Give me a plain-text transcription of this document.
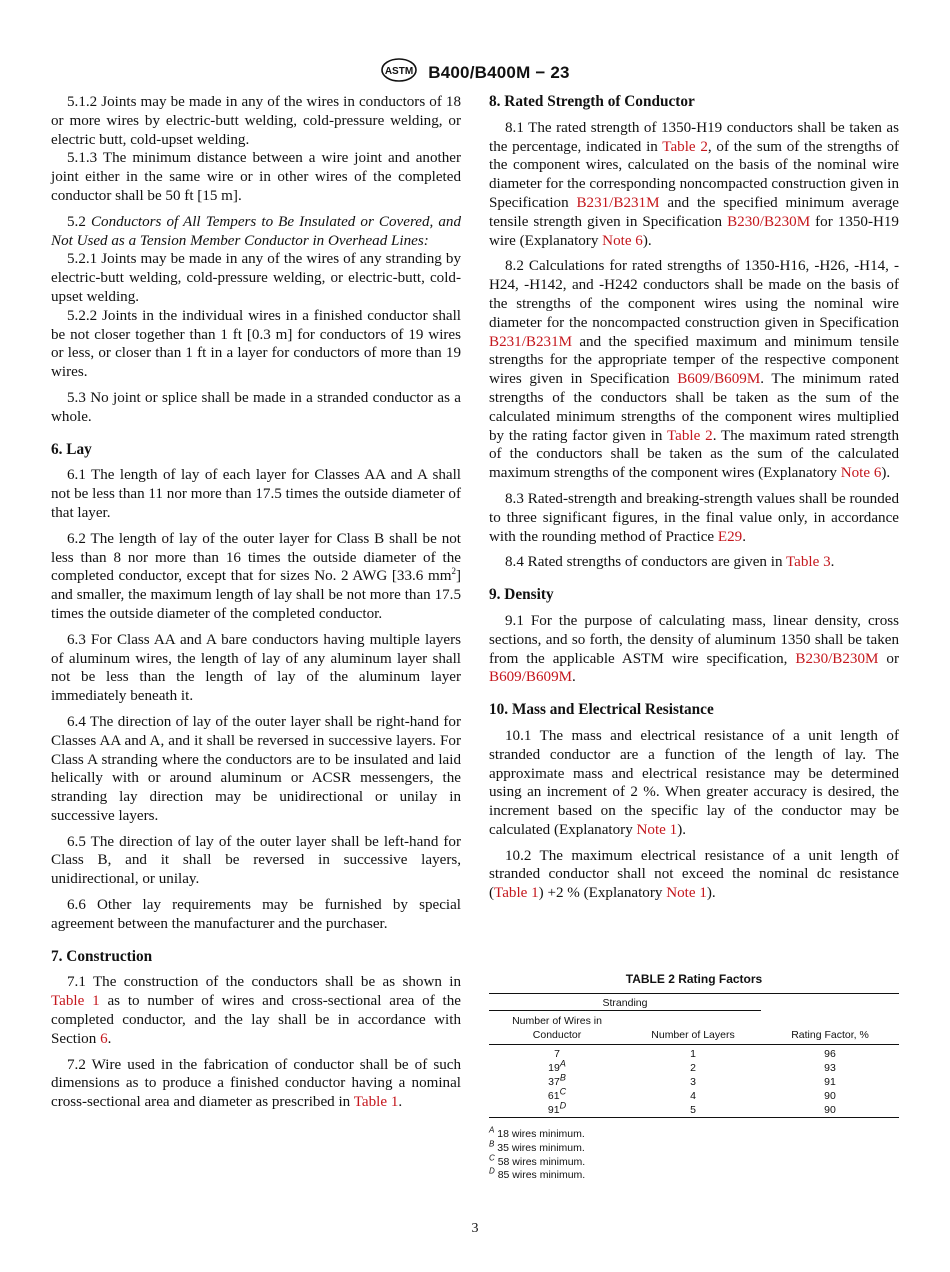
ASTM B400/B400M − 23

5.1.2 Joints may be made in any of the wires in conductors of 18 or more wires by electric-butt welding, cold-pressure welding, or electric butt, cold-upset welding.

5.1.3 The minimum distance between a wire joint and another joint either in the same wire or in other wires of the completed conductor shall be 50 ft [15 m].

5.2 Conductors of All Tempers to Be Insulated or Covered, and Not Used as a Tension Member Conductor in Overhead Lines:

5.2.1 Joints may be made in any of the wires of any stranding by electric-butt welding, cold-pressure welding, or electric-butt, cold-upset welding.

5.2.2 Joints in the individual wires in a finished conductor shall be not closer together than 1 ft [0.3 m] for conductors of 19 wires or less, or closer than 1 ft in a layer for conductors of more than 19 wires.

5.3 No joint or splice shall be made in a stranded conductor as a whole.

6. Lay

6.1 The length of lay of each layer for Classes AA and A shall not be less than 11 nor more than 17.5 times the outside diameter of that layer.

6.2 The length of lay of the outer layer for Class B shall be not less than 8 nor more than 16 times the outside diameter of the completed conductor, except that for sizes No. 2 AWG [33.6 $mm^2$] and smaller, the maximum length of lay shall be not more than 17.5 times the outside diameter of the completed conductor.

6.3 For Class AA and A bare conductors having multiple layers of aluminum wires, the length of lay of any aluminum layer shall not be less than the length of lay of the aluminum layer immediately beneath it.

6.4 The direction of lay of the outer layer shall be right-hand for Classes AA and A, and it shall be reversed in successive layers. For Class A stranding where the conductors are to be insulated and laid helically with or around aluminum or ACSR messengers, the stranding lay direction may be unidirectional or unilay in successive layers.

6.5 The direction of lay of the outer layer shall be left-hand for Class B, and it shall be reversed in successive layers, unidirectional, or unilay.

6.6 Other lay requirements may be furnished by special agreement between the manufacturer and the purchaser.

7. Construction

7.1 The construction of the conductors shall be as shown in Table 1 as to number of wires and cross-sectional area of the completed conductor, and the lay shall be in accordance with Section 6.

7.2 Wire used in the fabrication of conductor shall be of such dimensions as to produce a finished conductor having a nominal cross-sectional area and diameter as prescribed in Table 1.

8. Rated Strength of Conductor

8.1 The rated strength of 1350-H19 conductors shall be taken as the percentage, indicated in Table 2, of the sum of the strengths of the component wires, calculated on the basis of the nominal wire diameter for the corresponding noncompacted construction given in Specification B231/B231M and the specified minimum average tensile strength given in Specification B230/B230M for 1350-H19 wire (Explanatory Note 6).

8.2 Calculations for rated strengths of 1350-H16, -H26, -H14, -H24, -H142, and -H242 conductors shall be made on the basis of the strengths of the component wires using the nominal wire diameter for the noncompacted construction given in Specification B231/B231M and the specified maximum and minimum tensile strengths for the appropriate temper of the respective component wires given in Specification B609/B609M. The minimum rated strengths of the conductors shall be taken as the sum of the calculated minimum strengths of the component wires multiplied by the rating factor given in Table 2. The maximum rated strength of the conductors shall be taken as the sum of the calculated maximum strengths of the component wires (Explanatory Note 6).

8.3 Rated-strength and breaking-strength values shall be rounded to three significant figures, in the final value only, in accordance with the rounding method of Practice E29.

8.4 Rated strengths of conductors are given in Table 3.

9. Density

9.1 For the purpose of calculating mass, linear density, cross sections, and so forth, the density of aluminum 1350 shall be taken from the applicable ASTM wire specification, B230/B230M or B609/B609M.

10. Mass and Electrical Resistance

10.1 The mass and electrical resistance of a unit length of stranded conductor are a function of the length of lay. The approximate mass and electrical resistance may be determined using an increment of 2 %. When greater accuracy is desired, the increment based on the specific lay of the conductor may be calculated (Explanatory Note 1).

10.2 The maximum electrical resistance of a unit length of stranded conductor shall not exceed the nominal dc resistance (Table 1) +2 % (Explanatory Note 1).

TABLE 2 Rating Factors
Stranding		
Number of Wires in
Conductor	Number of Layers	Rating Factor, %
7	1	96
$19^A$	2	93
$37^B$	3	91
$61^C$	4	90
$91^D$	5	90
$^A$ 18 wires minimum.
$^B$ 35 wires minimum.
$^C$ 58 wires minimum.
$^D$ 85 wires minimum.
3
